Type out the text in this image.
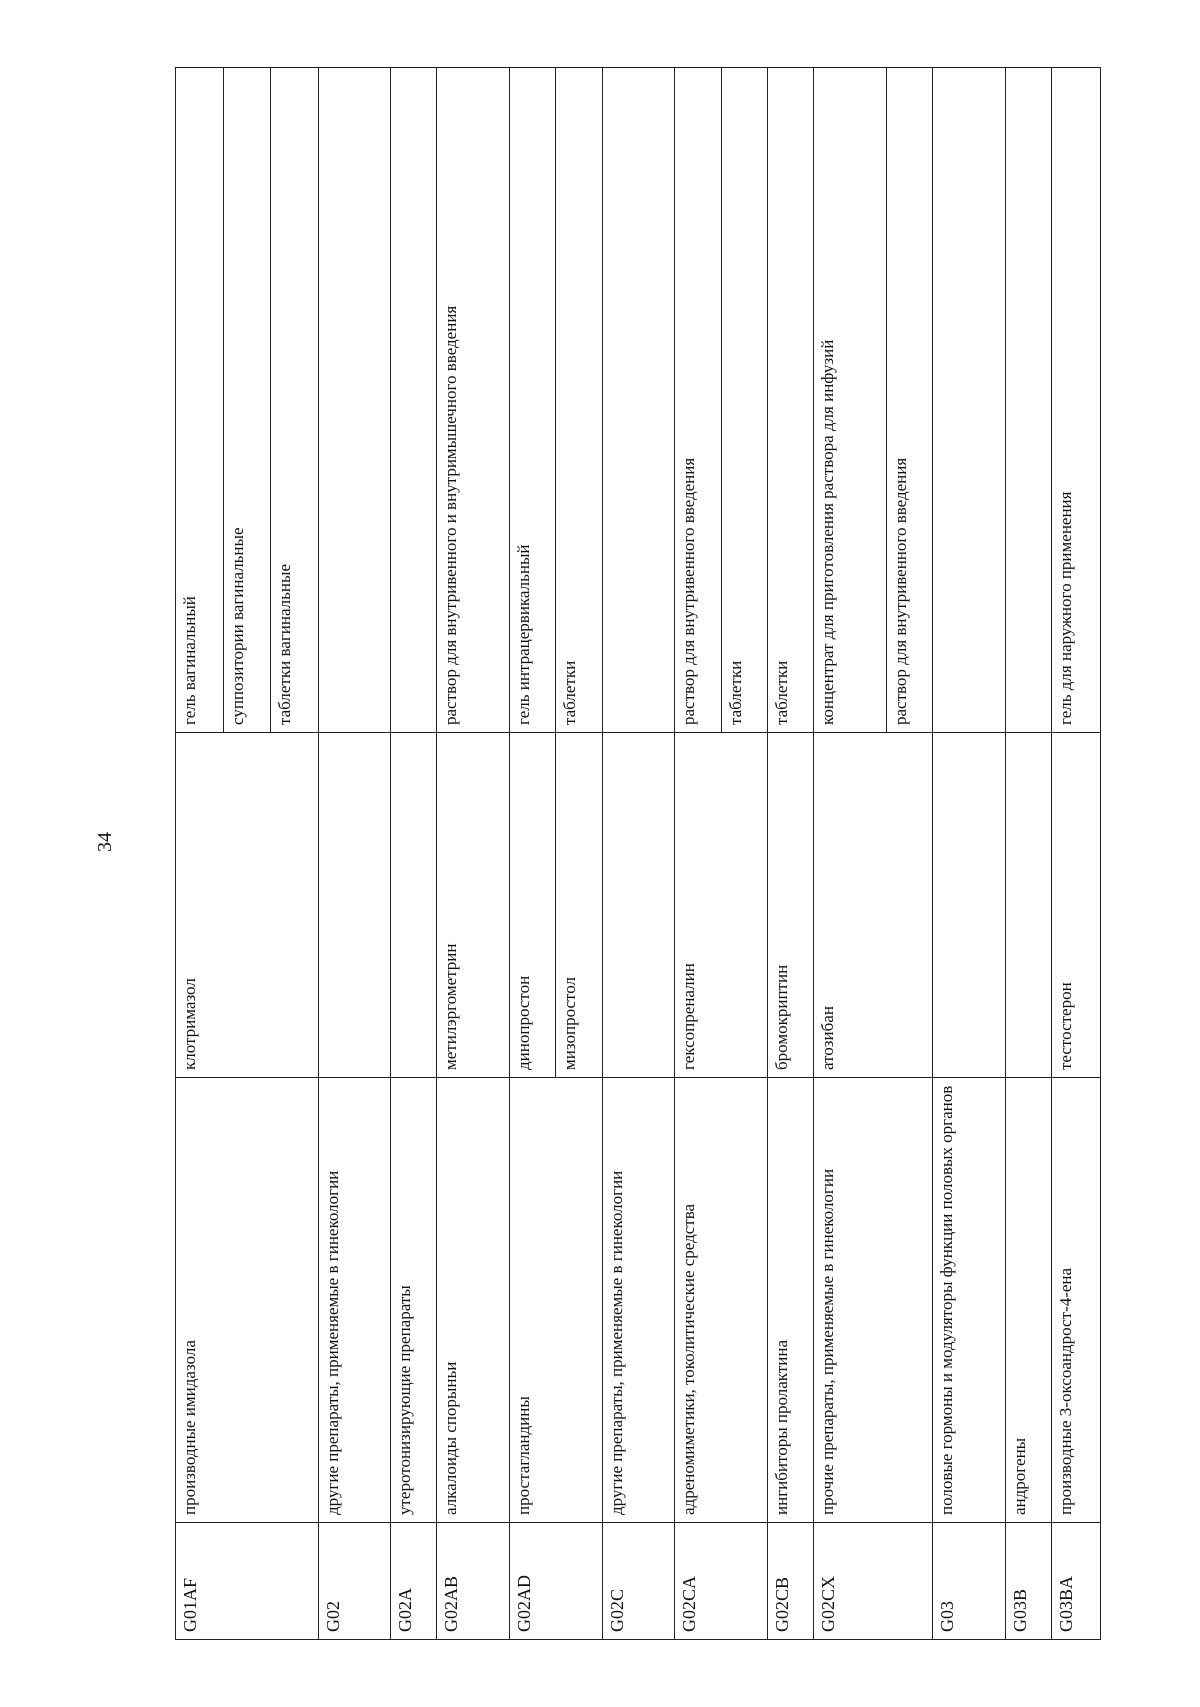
34
G01AF	производные имидазола	клотримазол	гель вагинальный
			суппозитории вагинальные
			таблетки вагинальные
G02	другие препараты, применяемые в гинекологии		
G02A	утеротонизирующие препараты		
G02AB	алкалоиды спорыньи	метилэргометрин	раствор для внутривенного и внутримышечного введения
G02AD	простагландины	динопростон	гель интрацервикальный
		мизопростол	таблетки
G02C	другие препараты, применяемые в гинекологии		
G02CA	адреномиметики, токолитические средства	гексопреналин	раствор для внутривенного введения
			таблетки
G02CB	ингибиторы пролактина	бромокриптин	таблетки
G02CX	прочие препараты, применяемые в гинекологии	атозибан	концентрат для приготовления раствора для инфузий
			раствор для внутривенного введения
G03	половые гормоны и модуляторы функции половых органов		
G03B	андрогены		
G03BA	производные 3-оксоандрост-4-ена	тестостерон	гель для наружного применения
